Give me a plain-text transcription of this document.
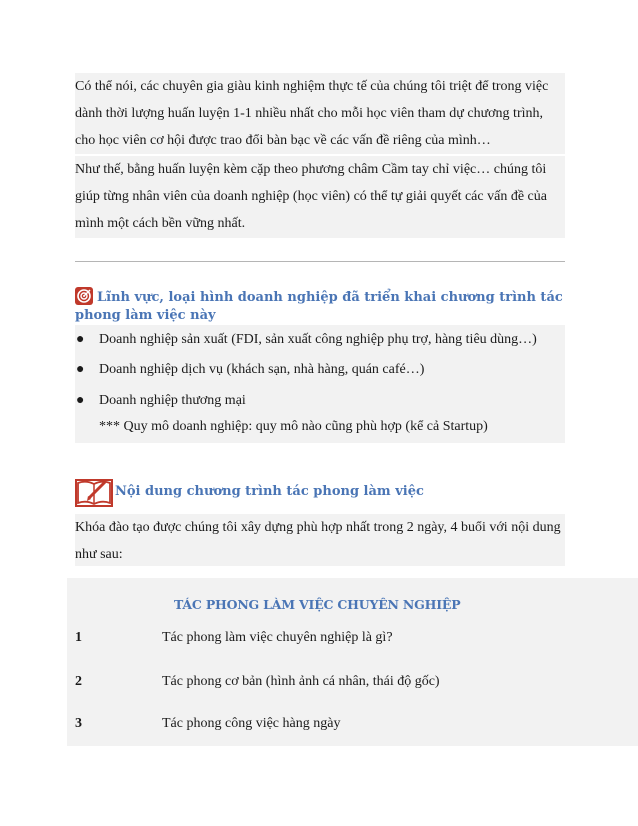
Có thể nói, các chuyên gia giàu kinh nghiệm thực tế của chúng tôi triệt để trong việc dành thời lượng huấn luyện 1-1 nhiều nhất cho mỗi học viên tham dự chương trình, cho học viên cơ hội được trao đổi bàn bạc về các vấn đề riêng của mình…

Như thế, bằng huấn luyện kèm cặp theo phương châm Cầm tay chỉ việc… chúng tôi giúp từng nhân viên của doanh nghiệp (học viên) có thể tự giải quyết các vấn đề của mình một cách bền vững nhất.

Lĩnh vực, loại hình doanh nghiệp đã triển khai chương trình tác phong làm việc này
● Doanh nghiệp sản xuất (FDI, sản xuất công nghiệp phụ trợ, hàng tiêu dùng…)
● Doanh nghiệp dịch vụ (khách sạn, nhà hàng, quán café…)
● Doanh nghiệp thương mại
*** Quy mô doanh nghiệp: quy mô nào cũng phù hợp (kể cả Startup)
Nội dung chương trình tác phong làm việc
Khóa đào tạo được chúng tôi xây dựng phù hợp nhất trong 2 ngày, 4 buổi với nội dung như sau:
TÁC PHONG LÀM VIỆC CHUYÊN NGHIỆP
1	Tác phong làm việc chuyên nghiệp là gì?
2	Tác phong cơ bản (hình ảnh cá nhân, thái độ gốc)
3	Tác phong công việc hàng ngày
